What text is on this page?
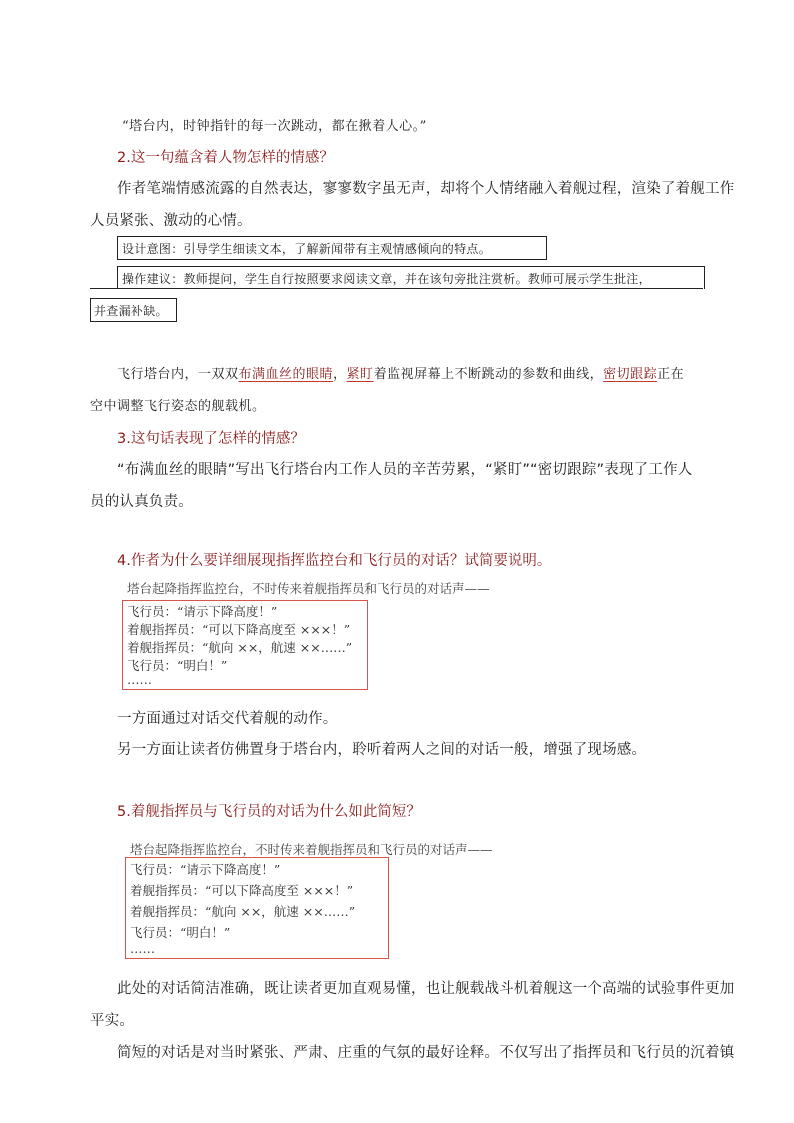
“塔台内，时钟指针的每一次跳动，都在揪着人心。”
2.这一句蕴含着人物怎样的情感？
作者笔端情感流露的自然表达，寥寥数字虽无声，却将个人情绪融入着舰过程，渲染了着舰工作
人员紧张、激动的心情。
设计意图：引导学生细读文本，了解新闻带有主观情感倾向的特点。
操作建议：教师提问，学生自行按照要求阅读文章，并在该句旁批注赏析。教师可展示学生批注，
并查漏补缺。
飞行塔台内，一双双布满血丝的眼睛，紧盯着监视屏幕上不断跳动的参数和曲线，密切跟踪正在
空中调整飞行姿态的舰载机。
3.这句话表现了怎样的情感？
“布满血丝的眼睛”写出飞行塔台内工作人员的辛苦劳累，“紧盯”“密切跟踪”表现了工作人
员的认真负责。
4.作者为什么要详细展现指挥监控台和飞行员的对话？试简要说明。
塔台起降指挥监控台，不时传来着舰指挥员和飞行员的对话声——
飞行员：“请示下降高度！”
着舰指挥员：“可以下降高度至 ×××！”
着舰指挥员：“航向 ××，航速 ××……”
飞行员：“明白！”
……
一方面通过对话交代着舰的动作。
另一方面让读者仿佛置身于塔台内，聆听着两人之间的对话一般，增强了现场感。
5.着舰指挥员与飞行员的对话为什么如此简短？
塔台起降指挥监控台，不时传来着舰指挥员和飞行员的对话声——
飞行员：“请示下降高度！”
着舰指挥员：“可以下降高度至 ×××！”
着舰指挥员：“航向 ××，航速 ××……”
飞行员：“明白！”
……
此处的对话简洁准确，既让读者更加直观易懂，也让舰载战斗机着舰这一个高端的试验事件更加
平实。
简短的对话是对当时紧张、严肃、庄重的气氛的最好诠释。不仅写出了指挥员和飞行员的沉着镇
